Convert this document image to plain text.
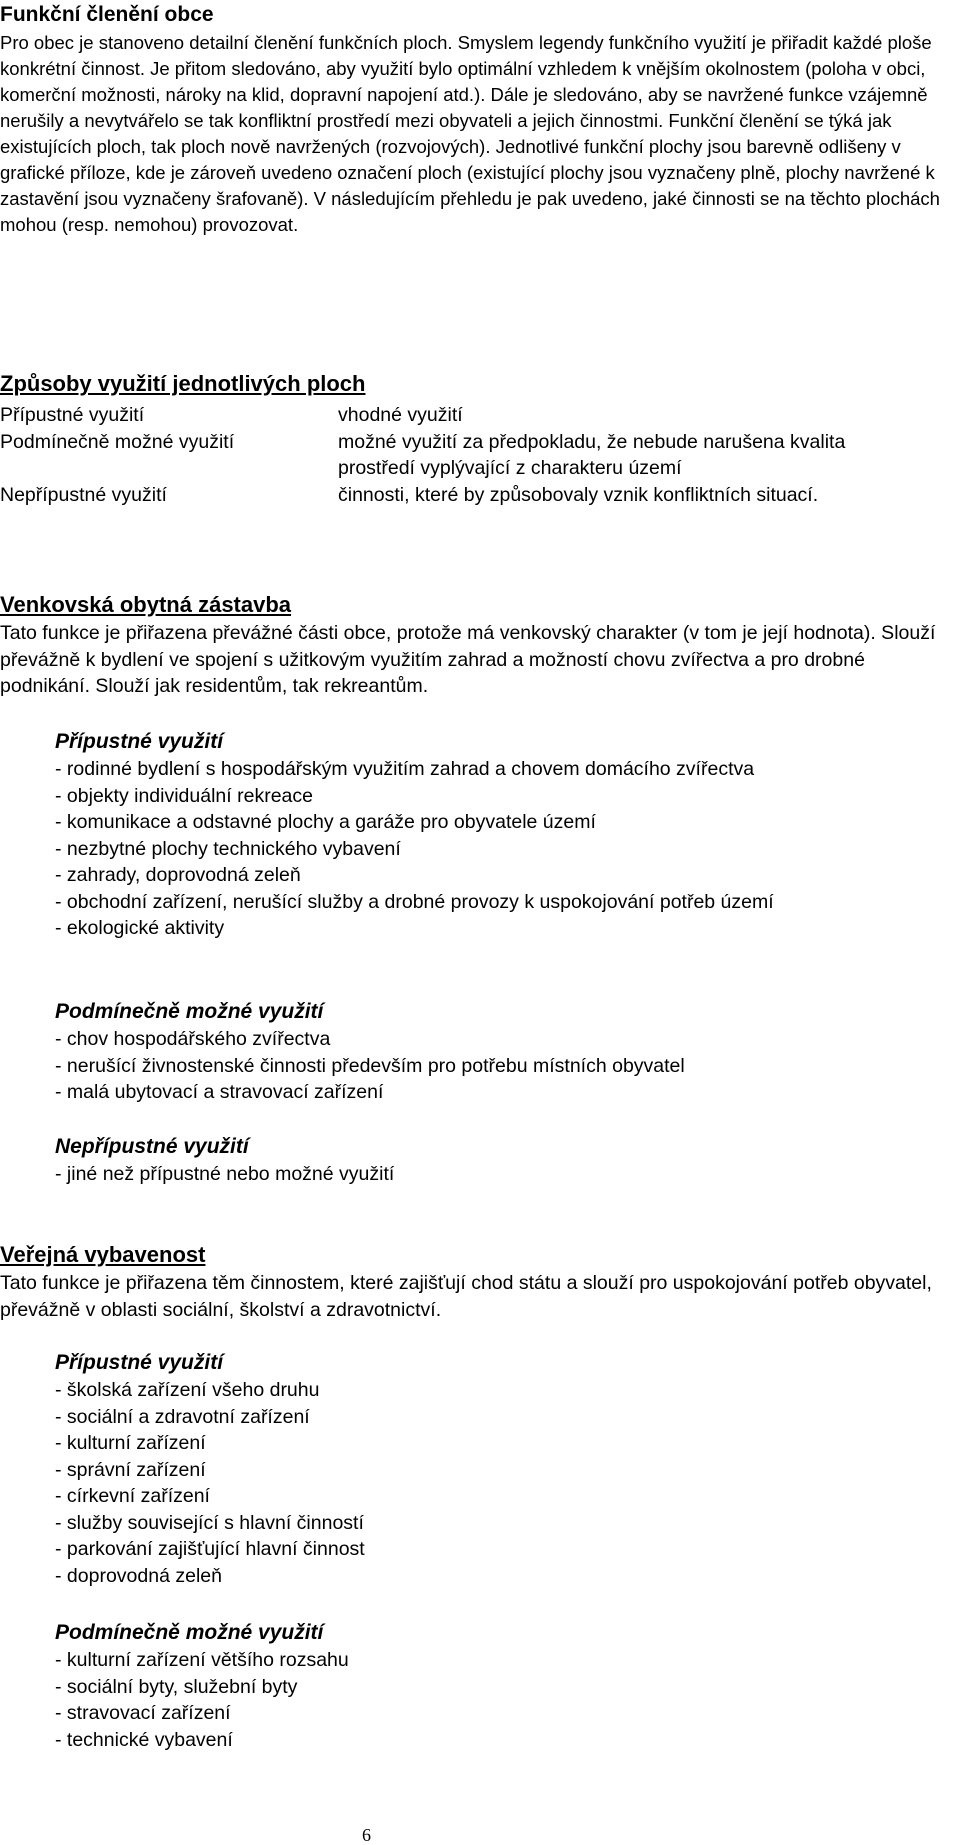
Funkční členění obce

Pro obec je stanoveno detailní členění funkčních ploch. Smyslem legendy funkčního využití je přiřadit každé ploše konkrétní činnost. Je přitom sledováno, aby využití bylo optimální vzhledem k vnějším okolnostem (poloha v obci, komerční možnosti, nároky na klid, dopravní napojení atd.). Dále je sledováno, aby se navržené funkce vzájemně nerušily a nevytvářelo se tak konfliktní prostředí mezi obyvateli a jejich činnostmi. Funkční členění se týká jak existujících ploch, tak ploch nově navržených (rozvojových). Jednotlivé funkční plochy jsou barevně odlišeny v grafické příloze, kde je zároveň uvedeno označení ploch (existující plochy jsou vyznačeny plně, plochy navržené k zastavění jsou vyznačeny šrafovaně). V následujícím přehledu je pak uvedeno, jaké činnosti se na těchto plochách mohou (resp. nemohou) provozovat.

Způsoby využití jednotlivých ploch
Přípustné využití	vhodné využití
Podmínečně možné využití	možné využití za předpokladu, že nebude narušena kvalita prostředí vyplývající z charakteru území
Nepřípustné využití	činnosti, které by způsobovaly vznik konfliktních situací.
Venkovská obytná zástavba

Tato funkce je přiřazena převážné části obce, protože má venkovský charakter (v tom je její hodnota). Slouží převážně k bydlení ve spojení s užitkovým využitím zahrad a možností chovu zvířectva a pro drobné podnikání. Slouží jak residentům, tak rekreantům.

Přípustné využití
- rodinné bydlení s hospodářským využitím zahrad a chovem domácího zvířectva
- objekty individuální rekreace
- komunikace a odstavné plochy a garáže pro obyvatele území
- nezbytné plochy technického vybavení
- zahrady, doprovodná zeleň
- obchodní zařízení, nerušící služby a drobné provozy k uspokojování potřeb území
- ekologické aktivity
Podmínečně možné využití
- chov hospodářského zvířectva
- nerušící živnostenské činnosti především pro potřebu místních obyvatel
- malá ubytovací a stravovací zařízení
Nepřípustné využití
- jiné než přípustné nebo možné využití
Veřejná vybavenost

Tato funkce je přiřazena těm činnostem, které zajišťují chod státu a slouží pro uspokojování potřeb obyvatel, převážně v oblasti sociální, školství a zdravotnictví.

Přípustné využití
- školská zařízení všeho druhu
- sociální a zdravotní zařízení
- kulturní zařízení
- správní zařízení
- církevní zařízení
- služby související s hlavní činností
- parkování zajišťující hlavní činnost
- doprovodná zeleň
Podmínečně možné využití
- kulturní zařízení většího rozsahu
- sociální byty, služební byty
- stravovací zařízení
- technické vybavení
6
